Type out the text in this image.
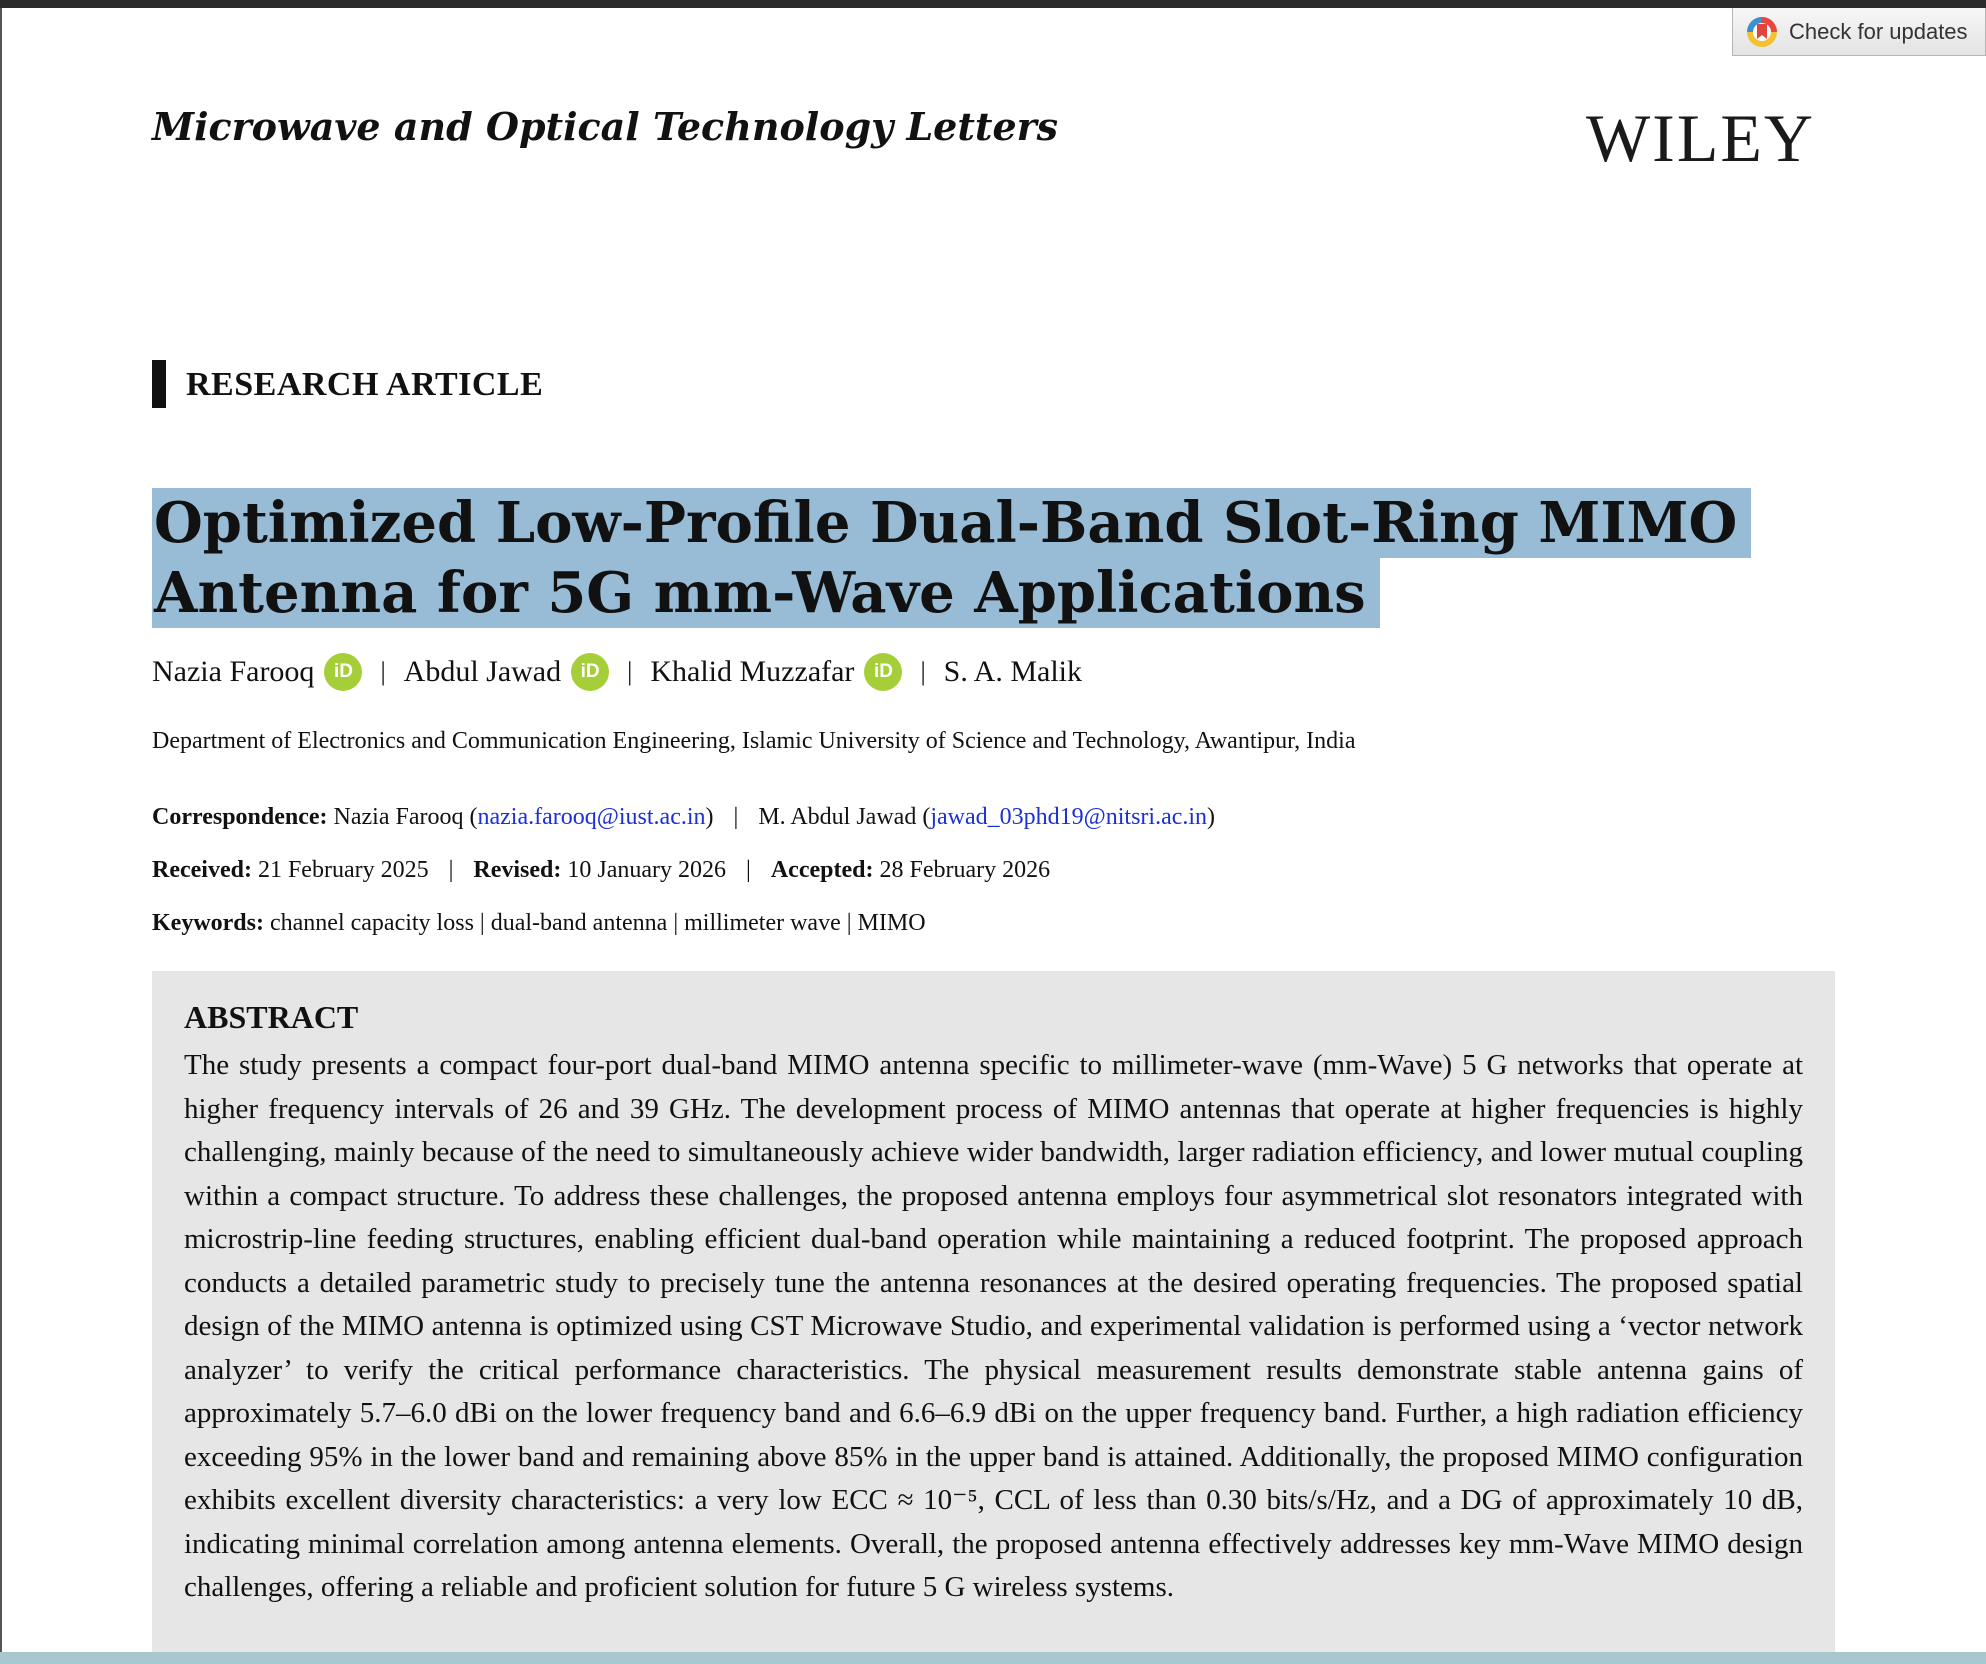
Check for updates
Microwave and Optical Technology Letters	WILEY
RESEARCH ARTICLE
Optimized Low-Profile Dual-Band Slot-Ring MIMO
Antenna for 5G mm-Wave Applications
Nazia Farooq	iD	| Abdul Jawad	iD	| Khalid Muzzafar	iD	| S. A. Malik
Department of Electronics and Communication Engineering, Islamic University of Science and Technology, Awantipur, India
Correspondence: Nazia Farooq (nazia.farooq@iust.ac.in) | M. Abdul Jawad (jawad_03phd19@nitsri.ac.in)
Received: 21 February 2025 | Revised: 10 January 2026 | Accepted: 28 February 2026
Keywords: channel capacity loss | dual-band antenna | millimeter wave | MIMO
ABSTRACT

The study presents a compact four-port dual-band MIMO antenna specific to millimeter-wave (mm-Wave) 5 G networks that operate at higher frequency intervals of 26 and 39 GHz. The development process of MIMO antennas that operate at higher frequencies is highly challenging, mainly because of the need to simultaneously achieve wider bandwidth, larger radiation efficiency, and lower mutual coupling within a compact structure. To address these challenges, the proposed antenna employs four asymmetrical slot resonators integrated with microstrip-line feeding structures, enabling efficient dual-band operation while maintaining a reduced footprint. The proposed approach conducts a detailed parametric study to precisely tune the antenna resonances at the desired operating frequencies. The proposed spatial design of the MIMO antenna is optimized using CST Microwave Studio, and experimental validation is performed using a ‘vector network analyzer’ to verify the critical performance characteristics. The physical measurement results demonstrate stable antenna gains of approximately 5.7–6.0 dBi on the lower frequency band and 6.6–6.9 dBi on the upper frequency band. Further, a high radiation efficiency exceeding 95% in the lower band and remaining above 85% in the upper band is attained. Additionally, the proposed MIMO configuration exhibits excellent diversity characteristics: a very low ECC ≈ 10⁻⁵, CCL of less than 0.30 bits/s/Hz, and a DG of approximately 10 dB, indicating minimal correlation among antenna elements. Overall, the proposed antenna effectively addresses key mm-Wave MIMO design challenges, offering a reliable and proficient solution for future 5 G wireless systems.
